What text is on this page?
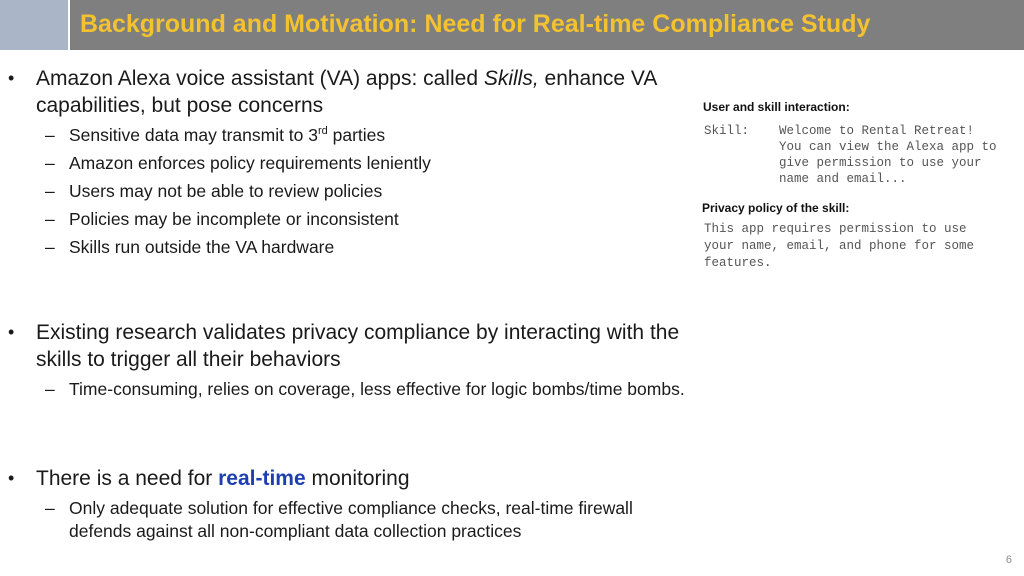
Background and Motivation: Need for Real-time Compliance Study
• Amazon Alexa voice assistant (VA) apps: called Skills, enhance VA
capabilities, but pose concerns
– Sensitive data may transmit to 3rd parties
– Amazon enforces policy requirements leniently
– Users may not be able to review policies
– Policies may be incomplete or inconsistent
– Skills run outside the VA hardware
User and skill interaction:
Skill: Welcome to Rental Retreat!
You can view the Alexa app to
give permission to use your
name and email...
Privacy policy of the skill:
This app requires permission to use
your name, email, and phone for some
features.
• Existing research validates privacy compliance by interacting with the
skills to trigger all their behaviors
– Time-consuming, relies on coverage, less effective for logic bombs/time bombs.
• There is a need for real-time monitoring
– Only adequate solution for effective compliance checks, real-time firewall
defends against all non-compliant data collection practices
6
